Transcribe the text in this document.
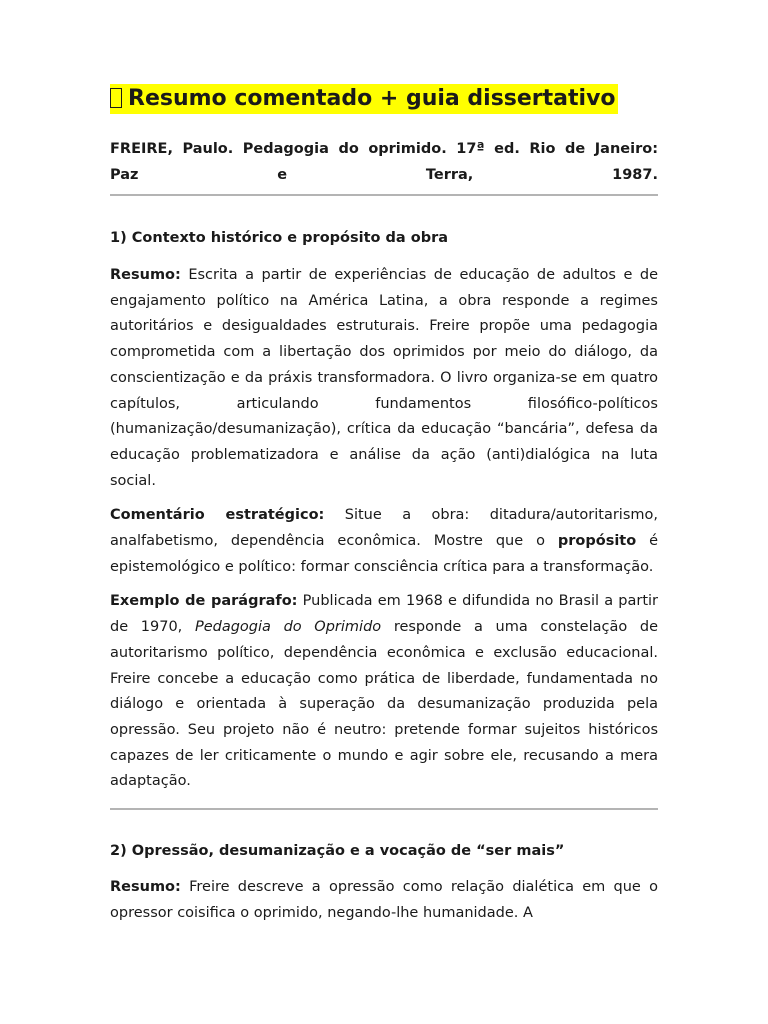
Resumo comentado + guia dissertativo
FREIRE, Paulo. Pedagogia do oprimido. 17ª ed. Rio de Janeiro:
Paz e Terra, 1987.
1) Contexto histórico e propósito da obra

Resumo: Escrita a partir de experiências de educação de adultos e de engajamento político na América Latina, a obra responde a regimes autoritários e desigualdades estruturais. Freire propõe uma pedagogia comprometida com a libertação dos oprimidos por meio do diálogo, da conscientização e da práxis transformadora. O livro organiza-se em quatro capítulos, articulando fundamentos filosófico-políticos (humanização/desumanização), crítica da educação “bancária”, defesa da educação problematizadora e análise da ação (anti)dialógica na luta social.

Comentário estratégico: Situe a obra: ditadura/autoritarismo, analfabetismo, dependência econômica. Mostre que o propósito é epistemológico e político: formar consciência crítica para a transformação.

Exemplo de parágrafo: Publicada em 1968 e difundida no Brasil a partir de 1970, Pedagogia do Oprimido responde a uma constelação de autoritarismo político, dependência econômica e exclusão educacional. Freire concebe a educação como prática de liberdade, fundamentada no diálogo e orientada à superação da desumanização produzida pela opressão. Seu projeto não é neutro: pretende formar sujeitos históricos capazes de ler criticamente o mundo e agir sobre ele, recusando a mera adaptação.

2) Opressão, desumanização e a vocação de “ser mais”

Resumo: Freire descreve a opressão como relação dialética em que o opressor coisifica o oprimido, negando-lhe humanidade. A
